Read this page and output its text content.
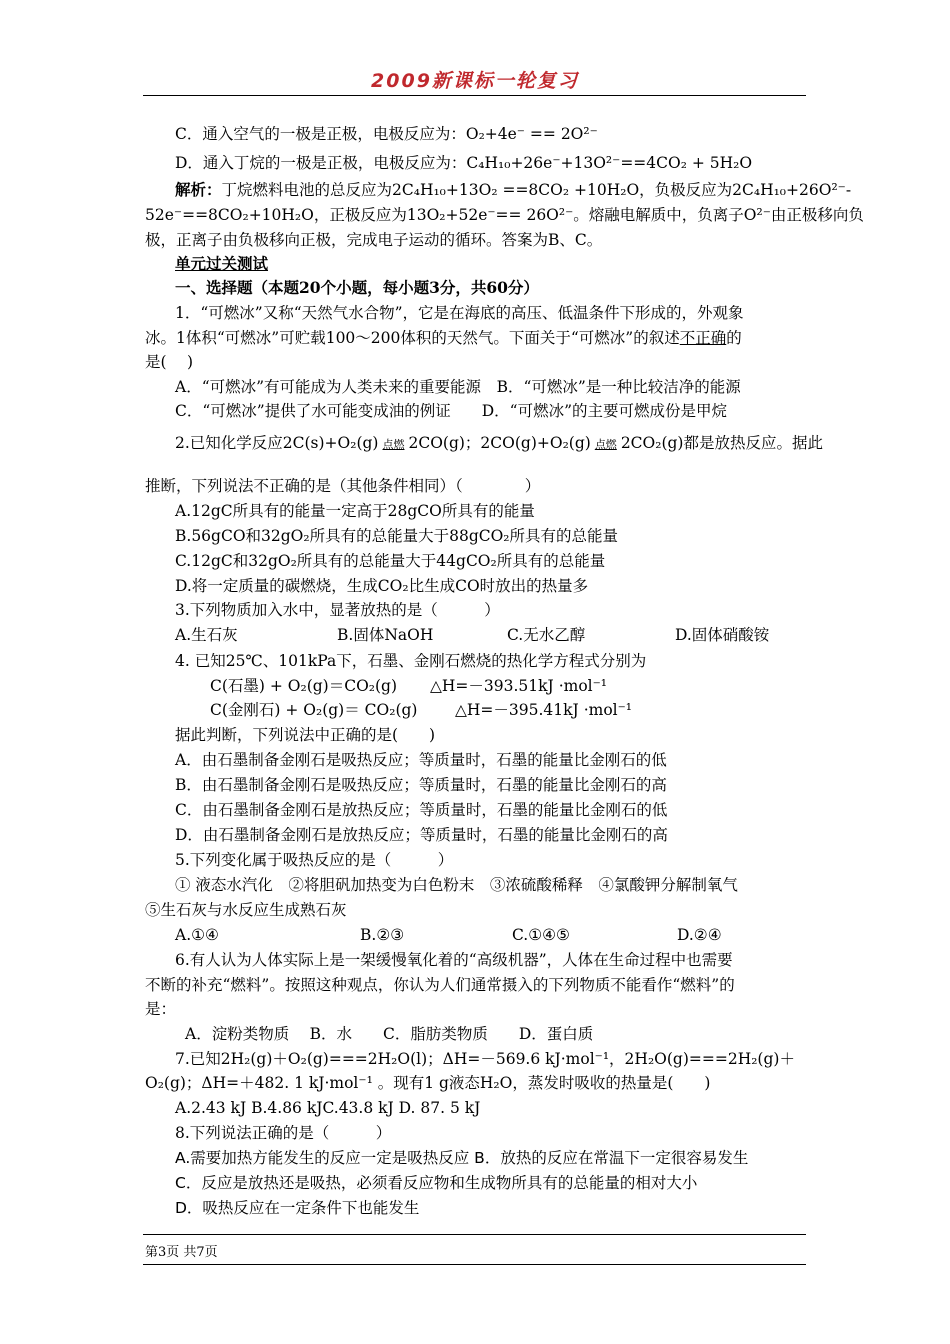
2009新课标一轮复习
C．通入空气的一极是正极，电极反应为：O₂+4e⁻ == 2O²⁻
D．通入丁烷的一极是正极，电极反应为：C₄H₁₀+26e⁻+13O²⁻==4CO₂ + 5H₂O
解析：丁烷燃料电池的总反应为2C₄H₁₀+13O₂ ==8CO₂ +10H₂O，负极反应为2C₄H₁₀+26O²⁻-
52e⁻==8CO₂+10H₂O，正极反应为13O₂+52e⁻== 26O²⁻。熔融电解质中，负离子O²⁻由正极移向负
极，正离子由负极移向正极，完成电子运动的循环。答案为B、C。
单元过关测试
一、选择题（本题20个小题，每小题3分，共60分）
1．“可燃冰”又称“天然气水合物”，它是在海底的高压、低温条件下形成的，外观象
冰。1体积“可燃冰”可贮载100～200体积的天然气。下面关于“可燃冰”的叙述不正确的
是(　 )
A．“可燃冰”有可能成为人类未来的重要能源　 B．“可燃冰”是一种比较洁净的能源
C．“可燃冰”提供了水可能变成油的例证　　 D．“可燃冰”的主要可燃成份是甲烷
2.已知化学反应2C(s)+O₂(g) 点燃 2CO(g)；2CO(g)+O₂(g) 点燃 2CO₂(g)都是放热反应。据此
推断，下列说法不正确的是（其他条件相同）（　　　　）
A.12gC所具有的能量一定高于28gCO所具有的能量
B.56gCO和32gO₂所具有的总能量大于88gCO₂所具有的总能量
C.12gC和32gO₂所具有的总能量大于44gCO₂所具有的总能量
D.将一定质量的碳燃烧，生成CO₂比生成CO时放出的热量多
3.下列物质加入水中，显著放热的是（　　　）
A.生石灰	B.固体NaOH	C.无水乙醇	D.固体硝酸铵
4. 已知25℃、101kPa下，石墨、金刚石燃烧的热化学方程式分别为
C(石墨) + O₂(g)＝CO₂(g) △H=－393.51kJ ·mol⁻¹
C(金刚石) + O₂(g)＝ CO₂(g) △H=－395.41kJ ·mol⁻¹
据此判断，下列说法中正确的是(　　)
A．由石墨制备金刚石是吸热反应；等质量时，石墨的能量比金刚石的低
B．由石墨制备金刚石是吸热反应；等质量时，石墨的能量比金刚石的高
C．由石墨制备金刚石是放热反应；等质量时，石墨的能量比金刚石的低
D．由石墨制备金刚石是放热反应；等质量时，石墨的能量比金刚石的高
5.下列变化属于吸热反应的是（　　　）
① 液态水汽化　②将胆矾加热变为白色粉末　③浓硫酸稀释　④氯酸钾分解制氧气
⑤生石灰与水反应生成熟石灰
A.①④	B.②③	C.①④⑤	D.②④
6.有人认为人体实际上是一架缓慢氧化着的“高级机器”，人体在生命过程中也需要
不断的补充“燃料”。按照这种观点，你认为人们通常摄入的下列物质不能看作“燃料”的
是：
A．淀粉类物质　 B．水　　C．脂肪类物质　　D．蛋白质
7.已知2H₂(g)＋O₂(g)===2H₂O(l)；ΔH=－569.6 kJ·mol⁻¹，2H₂O(g)===2H₂(g)＋
O₂(g)；ΔH=＋482. 1 kJ·mol⁻¹ 。现有1 g液态H₂O，蒸发时吸收的热量是(　　)
A.2.43 kJ B.4.86 kJC.43.8 kJ D. 87. 5 kJ
8.下列说法正确的是（　　　）
A.需要加热方能发生的反应一定是吸热反应 B．放热的反应在常温下一定很容易发生
C．反应是放热还是吸热，必须看反应物和生成物所具有的总能量的相对大小
D．吸热反应在一定条件下也能发生
第3页 共7页
